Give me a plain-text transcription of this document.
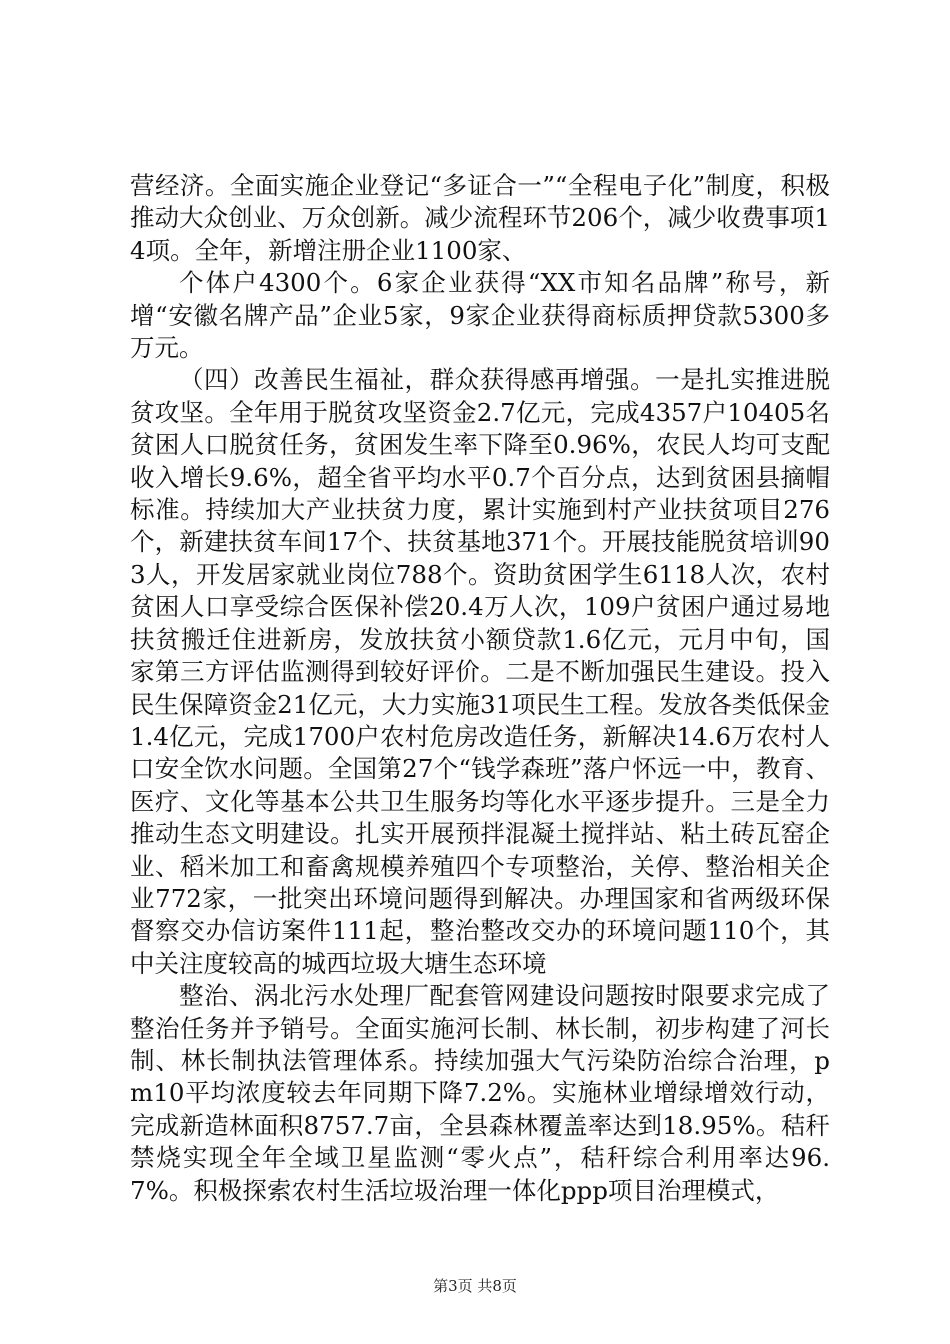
营经济。全面实施企业登记“多证合一”“全程电子化”制度，积极推动大众创业、万众创新。减少流程环节206个，减少收费事项14项。全年，新增注册企业1100家、

个体户4300个。6家企业获得“XX市知名品牌”称号，新增“安徽名牌产品”企业5家，9家企业获得商标质押贷款5300多万元。

（四）改善民生福祉，群众获得感再增强。一是扎实推进脱贫攻坚。全年用于脱贫攻坚资金2.7亿元，完成4357户10405名贫困人口脱贫任务，贫困发生率下降至0.96%，农民人均可支配收入增长9.6%，超全省平均水平0.7个百分点，达到贫困县摘帽标准。持续加大产业扶贫力度，累计实施到村产业扶贫项目276个，新建扶贫车间17个、扶贫基地371个。开展技能脱贫培训903人，开发居家就业岗位788个。资助贫困学生6118人次，农村贫困人口享受综合医保补偿20.4万人次，109户贫困户通过易地扶贫搬迁住进新房，发放扶贫小额贷款1.6亿元，元月中旬，国家第三方评估监测得到较好评价。二是不断加强民生建设。投入民生保障资金21亿元，大力实施31项民生工程。发放各类低保金1.4亿元，完成1700户农村危房改造任务，新解决14.6万农村人口安全饮水问题。全国第27个“钱学森班”落户怀远一中，教育、医疗、文化等基本公共卫生服务均等化水平逐步提升。三是全力推动生态文明建设。扎实开展预拌混凝土搅拌站、粘土砖瓦窑企业、稻米加工和畜禽规模养殖四个专项整治，关停、整治相关企业772家，一批突出环境问题得到解决。办理国家和省两级环保督察交办信访案件111起，整治整改交办的环境问题110个，其中关注度较高的城西垃圾大塘生态环境

整治、涡北污水处理厂配套管网建设问题按时限要求完成了整治任务并予销号。全面实施河长制、林长制，初步构建了河长制、林长制执法管理体系。持续加强大气污染防治综合治理，pm10平均浓度较去年同期下降7.2%。实施林业增绿增效行动，完成新造林面积8757.7亩，全县森林覆盖率达到18.95%。秸秆禁烧实现全年全域卫星监测“零火点”，秸秆综合利用率达96.7%。积极探索农村生活垃圾治理一体化ppp项目治理模式，

第3页 共8页
